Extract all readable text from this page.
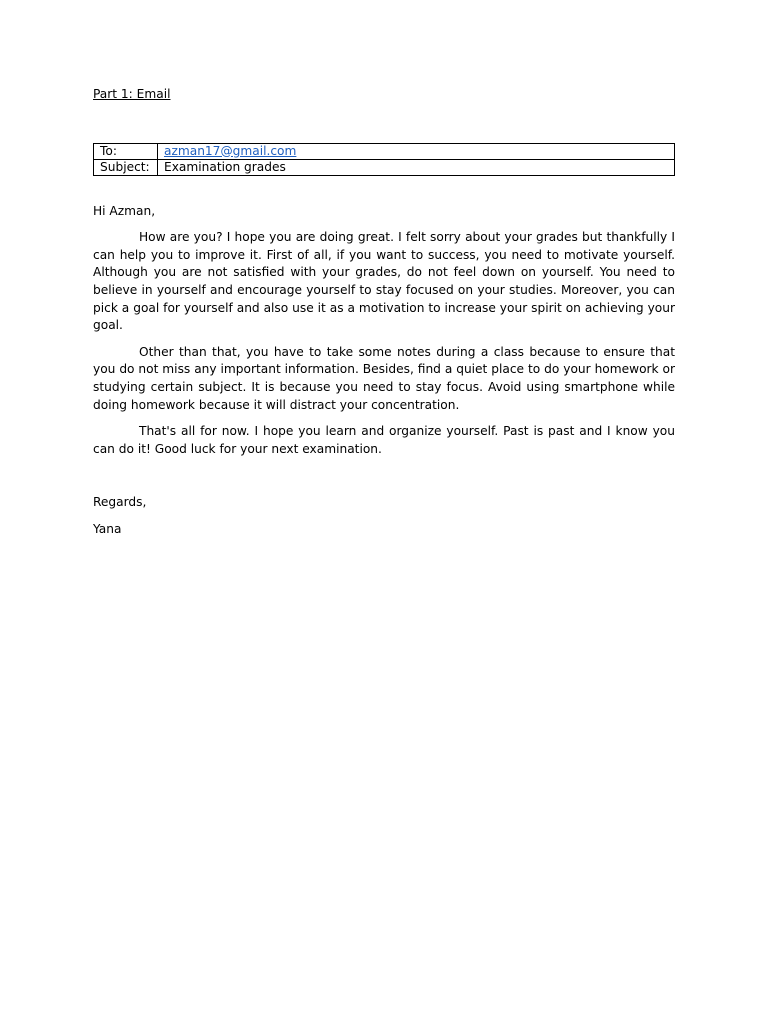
Part 1: Email

To:	azman17@gmail.com
Subject:	Examination grades

Hi Azman,

How are you? I hope you are doing great. I felt sorry about your grades but thankfully I can help you to improve it. First of all, if you want to success, you need to motivate yourself. Although you are not satisfied with your grades, do not feel down on yourself. You need to believe in yourself and encourage yourself to stay focused on your studies. Moreover, you can pick a goal for yourself and also use it as a motivation to increase your spirit on achieving your goal.

Other than that, you have to take some notes during a class because to ensure that you do not miss any important information. Besides, find a quiet place to do your homework or studying certain subject. It is because you need to stay focus. Avoid using smartphone while doing homework because it will distract your concentration.

That's all for now. I hope you learn and organize yourself. Past is past and I know you can do it! Good luck for your next examination.

Regards,

Yana
